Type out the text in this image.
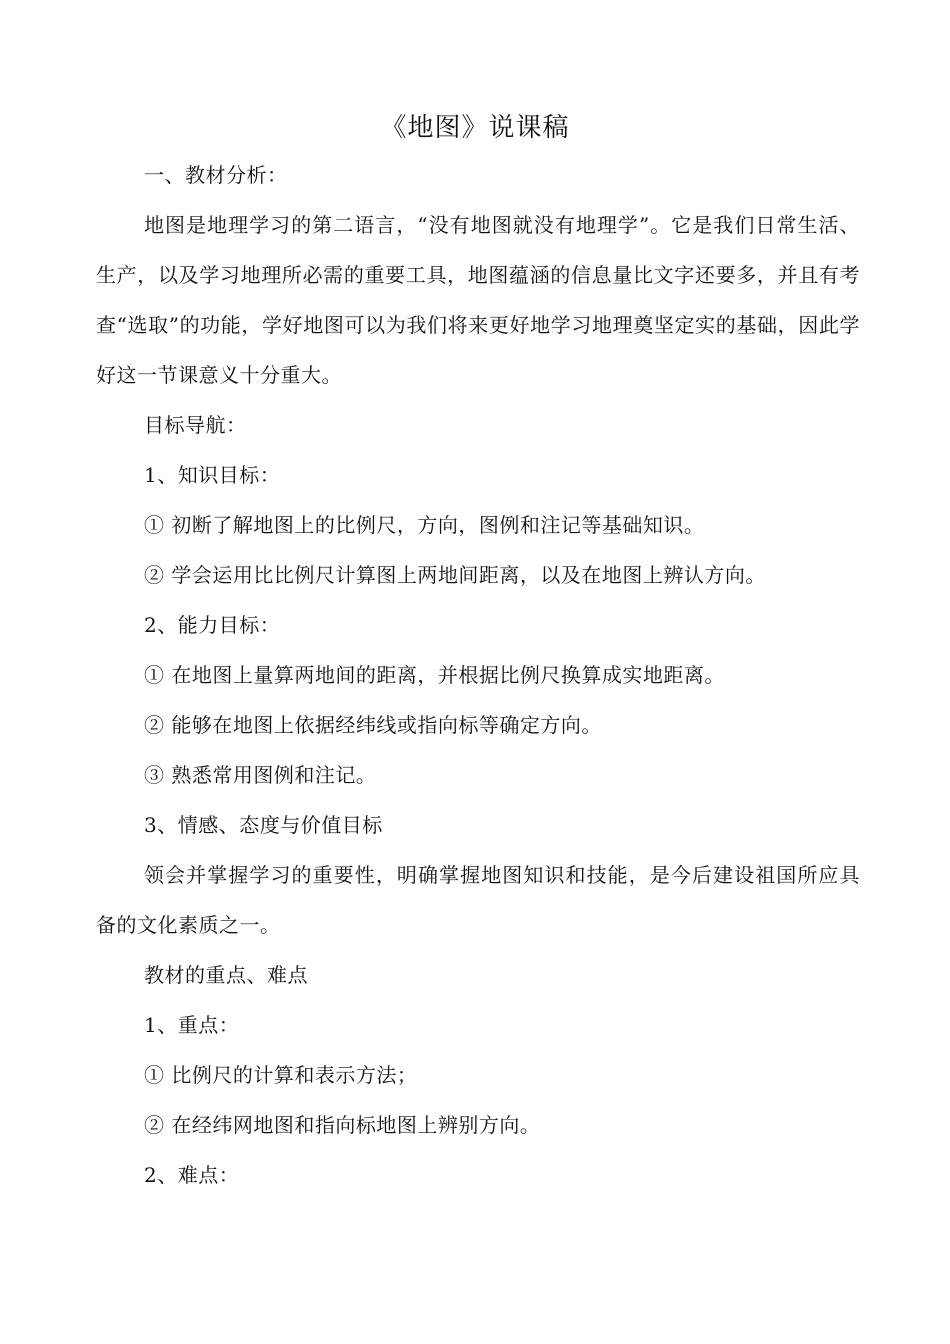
《地图》说课稿

一、教材分析：

地图是地理学习的第二语言，“没有地图就没有地理学”。它是我们日常生活、生产，以及学习地理所必需的重要工具，地图蕴涵的信息量比文字还要多，并且有考查“选取”的功能，学好地图可以为我们将来更好地学习地理奠坚定实的基础，因此学好这一节课意义十分重大。

目标导航：

1、知识目标：

① 初断了解地图上的比例尺，方向，图例和注记等基础知识。

② 学会运用比比例尺计算图上两地间距离，以及在地图上辨认方向。

2、能力目标：

① 在地图上量算两地间的距离，并根据比例尺换算成实地距离。

② 能够在地图上依据经纬线或指向标等确定方向。

③ 熟悉常用图例和注记。

3、情感、态度与价值目标

领会并掌握学习的重要性，明确掌握地图知识和技能，是今后建设祖国所应具备的文化素质之一。

教材的重点、难点

1、重点：

① 比例尺的计算和表示方法；

② 在经纬网地图和指向标地图上辨别方向。

2、难点：
